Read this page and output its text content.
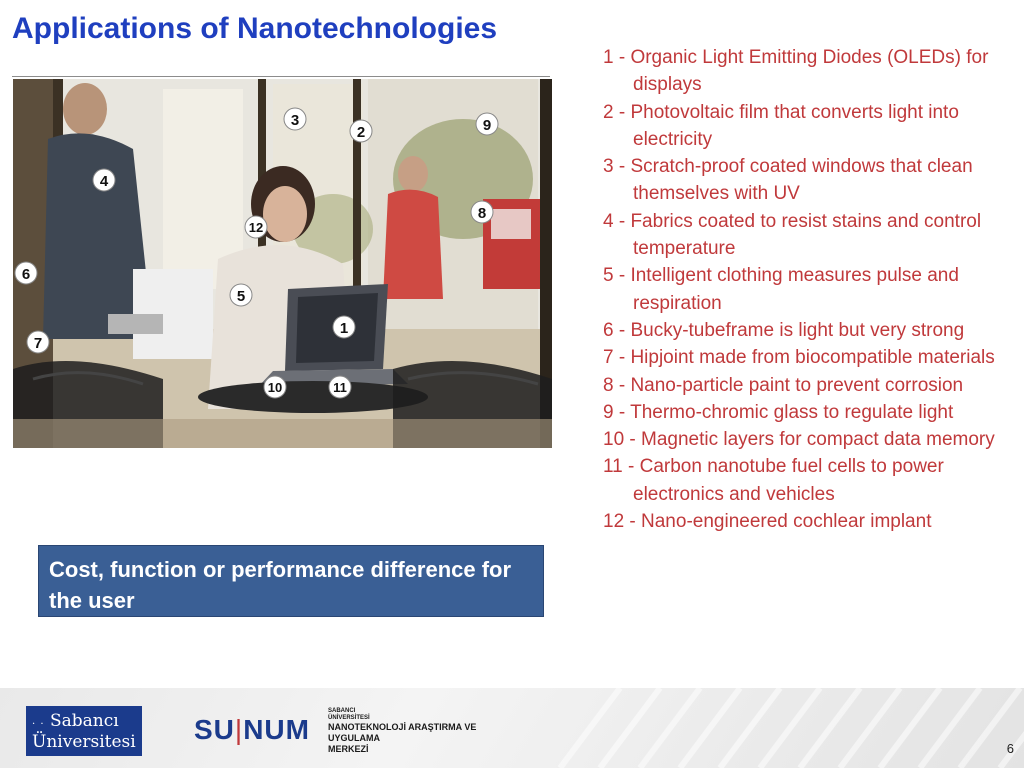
Applications of Nanotechnologies
1
2
3
4
5
6
7
8
9
10	11
12
1 - Organic Light Emitting Diodes (OLEDs) for displays
2 - Photovoltaic film that converts light into electricity
3 - Scratch-proof coated windows that clean themselves with UV
4 - Fabrics coated to resist stains and control temperature
5 - Intelligent clothing measures pulse and respiration
6 - Bucky-tubeframe is light but very strong
7 - Hipjoint made from biocompatible materials
8 - Nano-particle paint to prevent corrosion
9 - Thermo-chromic glass to regulate light
10 - Magnetic layers for compact data memory
11 - Carbon nanotube fuel cells to power electronics and vehicles
12 - Nano-engineered cochlear implant
Cost, function or performance difference for the user
. . Sabancı
Üniversitesi SU|NUM
SABANCI
ÜNİVERSİTESİ
NANOTEKNOLOJİ ARAŞTIRMA VE
UYGULAMA
MERKEZİ	6
